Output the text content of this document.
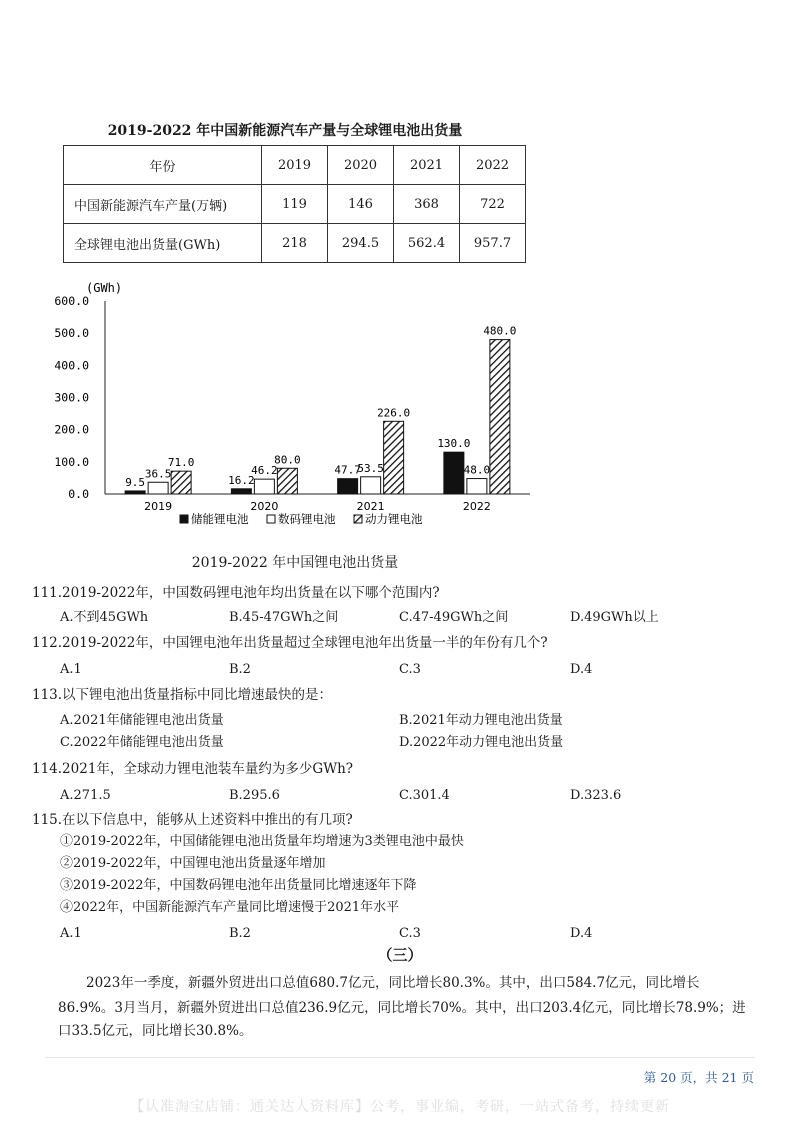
2019-2022 年中国新能源汽车产量与全球锂电池出货量
年份	2019	2020	2021	2022
中国新能源汽车产量(万辆)	119	146	368	722
全球锂电池出货量(GWh)	218	294.5	562.4	957.7
(GWh)
0.0
100.0
200.0
300.0
400.0
500.0
600.0
9.5
36.5
71.0
16.2
46.2
80.0
47.7
53.5
226.0
130.0
48.0
480.0
2019	2020	2021	2022
储能锂电池	数码锂电池	动力锂电池
2019-2022 年中国锂电池出货量
111.2019-2022年，中国数码锂电池年均出货量在以下哪个范围内?
A.不到45GWh	B.45-47GWh之间	C.47-49GWh之间	D.49GWh以上
112.2019-2022年，中国锂电池年出货量超过全球锂电池年出货量一半的年份有几个?
A.1	B.2	C.3	D.4
113.以下锂电池出货量指标中同比增速最快的是：
A.2021年储能锂电池出货量	B.2021年动力锂电池出货量
C.2022年储能锂电池出货量	D.2022年动力锂电池出货量
114.2021年，全球动力锂电池装车量约为多少GWh?
A.271.5	B.295.6	C.301.4	D.323.6
115.在以下信息中，能够从上述资料中推出的有几项?
①2019-2022年，中国储能锂电池出货量年均增速为3类锂电池中最快
②2019-2022年，中国锂电池出货量逐年增加
③2019-2022年，中国数码锂电池年出货量同比增速逐年下降
④2022年，中国新能源汽车产量同比增速慢于2021年水平
A.1	B.2	C.3	D.4
（三）
2023年一季度，新疆外贸进出口总值680.7亿元，同比增长80.3%。其中，出口584.7亿元，同比增长
86.9%。3月当月，新疆外贸进出口总值236.9亿元，同比增长70%。其中，出口203.4亿元，同比增长78.9%；进
口33.5亿元，同比增长30.8%。
第 20 页，共 21 页
【认准淘宝店铺：通关达人资料库】公考，事业编，考研，一站式备考，持续更新
